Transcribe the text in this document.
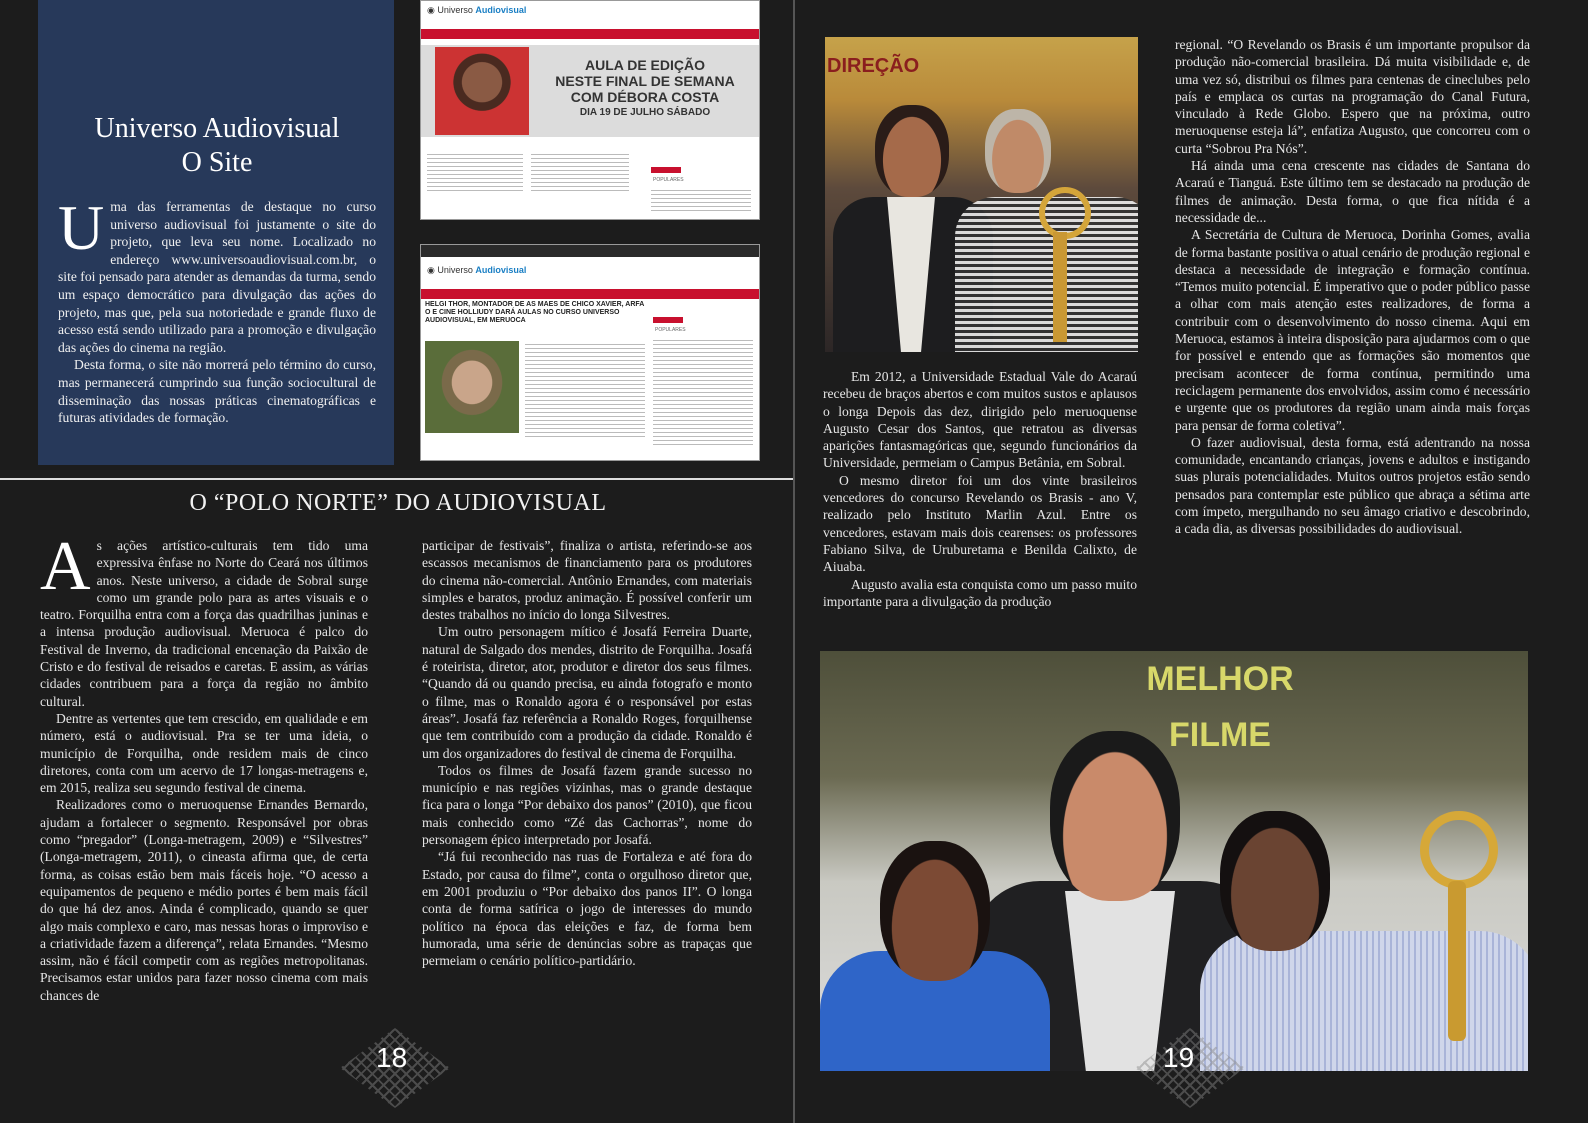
Universo Audiovisual
O Site

Uma das ferramentas de destaque no curso universo audiovisual foi justamente o site do projeto, que leva seu nome. Localizado no endereço www.universoaudiovisual.com.br, o site foi pensado para atender as demandas da turma, sendo um espaço democrático para divulgação das ações do projeto, mas que, pela sua notoriedade e grande fluxo de acesso está sendo utilizado para a promoção e divulgação das ações do cinema na região.

Desta forma, o site não morrerá pelo término do curso, mas permanecerá cumprindo sua função sociocultural de disseminação das nossas práticas cinematográficas e futuras atividades de formação.

◉ Universo Audiovisual
AULA DE EDIÇÃO
NESTE FINAL DE SEMANA
COM DÉBORA COSTA
DIA 19 DE JULHO SÁBADO
POPULARES
◉ Universo Audiovisual
HELGI THOR, MONTADOR DE AS MAES DE CHICO XAVIER, ARFA O E CINE HOLLIUDY DARÁ AULAS NO CURSO UNIVERSO AUDIOVISUAL, EM MERUOCA
POPULARES
O “POLO NORTE” DO AUDIOVISUAL

As ações artístico-culturais tem tido uma expressiva ênfase no Norte do Ceará nos últimos anos. Neste universo, a cidade de Sobral surge como um grande polo para as artes visuais e o teatro. Forquilha entra com a força das quadrilhas juninas e a intensa produção audiovisual. Meruoca é palco do Festival de Inverno, da tradicional encenação da Paixão de Cristo e do festival de reisados e caretas. E assim, as várias cidades contribuem para a força da região no âmbito cultural.

Dentre as vertentes que tem crescido, em qualidade e em número, está o audiovisual. Pra se ter uma ideia, o município de Forquilha, onde residem mais de cinco diretores, conta com um acervo de 17 longas-metragens e, em 2015, realiza seu segundo festival de cinema.

Realizadores como o meruoquense Ernandes Bernardo, ajudam a fortalecer o segmento. Responsável por obras como “pregador” (Longa-metragem, 2009) e “Silvestres” (Longa-metragem, 2011), o cineasta afirma que, de certa forma, as coisas estão bem mais fáceis hoje. “O acesso a equipamentos de pequeno e médio portes é bem mais fácil do que há dez anos. Ainda é complicado, quando se quer algo mais complexo e caro, mas nessas horas o improviso e a criatividade fazem a diferença”, relata Ernandes. “Mesmo assim, não é fácil competir com as regiões metropolitanas. Precisamos estar unidos para fazer nosso cinema com mais chances de

participar de festivais”, finaliza o artista, referindo-se aos escassos mecanismos de financiamento para os produtores do cinema não-comercial. Antônio Ernandes, com materiais simples e baratos, produz animação. É possível conferir um destes trabalhos no início do longa Silvestres.

Um outro personagem mítico é Josafá Ferreira Duarte, natural de Salgado dos mendes, distrito de Forquilha. Josafá é roteirista, diretor, ator, produtor e diretor dos seus filmes. “Quando dá ou quando precisa, eu ainda fotografo e monto o filme, mas o Ronaldo agora é o responsável por estas áreas”. Josafá faz referência a Ronaldo Roges, forquilhense que tem contribuído com a produção da cidade. Ronaldo é um dos organizadores do festival de cinema de Forquilha.

Todos os filmes de Josafá fazem grande sucesso no município e nas regiões vizinhas, mas o grande destaque fica para o longa “Por debaixo dos panos” (2010), que ficou mais conhecido como “Zé das Cachorras”, nome do personagem épico interpretado por Josafá.

“Já fui reconhecido nas ruas de Fortaleza e até fora do Estado, por causa do filme”, conta o orgulhoso diretor que, em 2001 produziu o “Por debaixo dos panos II”. O longa conta de forma satírica o jogo de interesses do mundo político na época das eleições e faz, de forma bem humorada, uma série de denúncias sobre as trapaças que permeiam o cenário político-partidário.

18
DIREÇÃO

Em 2012, a Universidade Estadual Vale do Acaraú recebeu de braços abertos e com muitos sustos e aplausos o longa Depois das dez, dirigido pelo meruoquense Augusto Cesar dos Santos, que retratou as diversas aparições fantasmagóricas que, segundo funcionários da Universidade, permeiam o Campus Betânia, em Sobral.

O mesmo diretor foi um dos vinte brasileiros vencedores do concurso Revelando os Brasis - ano V, realizado pelo Instituto Marlin Azul. Entre os vencedores, estavam mais dois cearenses: os professores Fabiano Silva, de Uruburetama e Benilda Calixto, de Aiuaba.

Augusto avalia esta conquista como um passo muito importante para a divulgação da produção

regional. “O Revelando os Brasis é um importante propulsor da produção não-comercial brasileira. Dá muita visibilidade e, de uma vez só, distribui os filmes para centenas de cineclubes pelo país e emplaca os curtas na programação do Canal Futura, vinculado à Rede Globo. Espero que na próxima, outro meruoquense esteja lá”, enfatiza Augusto, que concorreu com o curta “Sobrou Pra Nós”.

Há ainda uma cena crescente nas cidades de Santana do Acaraú e Tianguá. Este último tem se destacado na produção de filmes de animação. Desta forma, o que fica nítida é a necessidade de...

A Secretária de Cultura de Meruoca, Dorinha Gomes, avalia de forma bastante positiva o atual cenário de produção regional e destaca a necessidade de integração e formação contínua. “Temos muito potencial. É imperativo que o poder público passe a olhar com mais atenção estes realizadores, de forma a contribuir com o desenvolvimento do nosso cinema. Aqui em Meruoca, estamos à inteira disposição para ajudarmos com o que for possível e entendo que as formações são momentos que precisam acontecer de forma contínua, permitindo uma reciclagem permanente dos envolvidos, assim como é necessário e urgente que os produtores da região unam ainda mais forças para pensar de forma coletiva”.

O fazer audiovisual, desta forma, está adentrando na nossa comunidade, encantando crianças, jovens e adultos e instigando suas plurais potencialidades. Muitos outros projetos estão sendo pensados para contemplar este público que abraça a sétima arte com ímpeto, mergulhando no seu âmago criativo e descobrindo, a cada dia, as diversas possibilidades do audiovisual.

MELHOR
FILME
19
